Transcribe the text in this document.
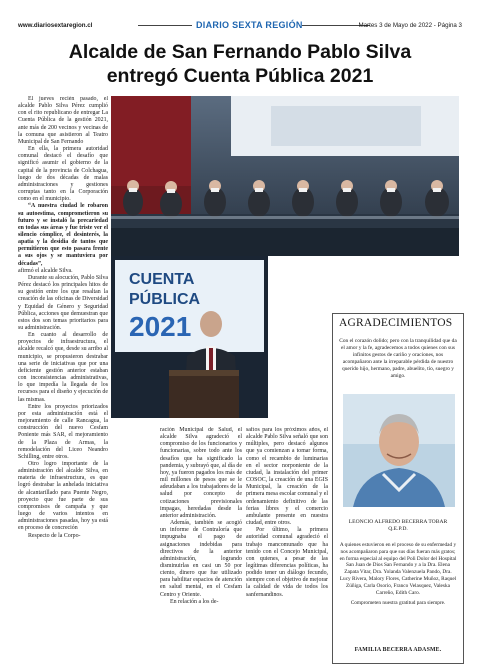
www.diariosextaregion.cl	DIARIO SEXTA REGIÓN	Martes 3 de Mayo de 2022 - Página 3
Alcalde de San Fernando Pablo Silva
entregó Cuenta Pública 2021

El jueves recién pasado, el alcalde Pablo Silva Pérez cumplió con el rito republicano de entregar La Cuenta Pública de la gestión 2021, ante más de 200 vecinos y vecinas de la comuna que asistieron al Teatro Municipal de San Fernando

En ella, la primera autoridad comunal destacó el desafío que significó asumir el gobierno de la capital de la provincia de Colchagua, luego de dos décadas de malas administraciones y gestiones corruptas tanto en la Corporación como en el municipio.

“A nuestra ciudad le robaron su autoestima, comprometieron su futuro y se instaló la precariedad en todas sus áreas y fue triste ver el silencio cómplice, el desinterés, la apatía y la desidia de tantos que permitieron que esto pasara frente a sus ojos y se mantuviera por décadas”,

afirmó el alcalde Silva.

Durante su alocución, Pablo Silva Pérez destacó los principales hitos de su gestión entre los que resaltan la creación de las oficinas de Diversidad y Equidad de Género y Seguridad Pública, acciones que demuestran que estos dos son temas prioritarios para su administración.

En cuanto al desarrollo de proyectos de infraestructura, el alcalde recalcó que, desde su arribo al municipio, se propusieron destrabar una serie de iniciativas que por una deficiente gestión anterior estaban con inconsistencias administrativas, lo que impedía la llegada de los recursos para el diseño y ejecución de las mismas.

Entre los proyectos priorizados por esta administración está el mejoramiento de calle Rancagua, la construcción del nuevo Cesfam Poniente más SAR, el mejoramiento de la Plaza de Armas, la remodelación del Liceo Neandro Schilling, entre otros.

Otro logro importante de la administración del alcalde Silva, en materia de infraestructura, es que logró destrabar la anhelada iniciativa de alcantarillado para Puente Negro, proyecto que fue parte de sus compromisos de campaña y que luego de varios intentos en administraciones pasadas, hoy ya está en proceso de concreción

Respecto de la Corpo-

CUENTA
PÚBLICA
2021

ración Municipal de Salud, el alcalde Silva agradeció el compromiso de los funcionarios y funcionarias, sobre todo ante los desafíos que ha significado la pandemia, y subrayó que, al día de hoy, ya fueron pagados los más de mil millones de pesos que se le adeudaban a los trabajadores de la salud por concepto de cotizaciones previsionales impagas, heredadas desde la anterior administración.

Además, también se acogió un informe de Contraloría que impugnaba el pago de asignaciones indebidas para directivos de la anterior administración, logrando disminuirlas en casi un 50 por ciento, dinero que fue utilizado para habilitar espacios de atención en salud mental, en el Cesfam Centro y Oriente.

En relación a los de-

safíos para los próximos años, el alcalde Pablo Silva señaló que son múltiples, pero destacó algunos que ya comienzan a tomar forma, como el recambio de luminarias en el sector norponiente de la ciudad, la instalación del primer COSOC, la creación de una EGIS Municipal, la creación de la primera mesa escolar comunal y el ordenamiento definitivo de las ferias libres y el comercio ambulante presente en nuestra ciudad, entre otros.

Por último, la primera autoridad comunal agradeció el trabajo mancomunado que ha tenido con el Concejo Municipal, con quienes, a pesar de las legítimas diferencias políticas, ha podido tener un diálogo fecundo, siempre con el objetivo de mejorar la calidad de vida de todos los sanfernandinos.

AGRADECIMIENTOS
Con el corazón dolido; pero con la tranquilidad que da el amor y la fe, agradecemos a todos quienes con sus infinitos gestos de cariño y oraciones, nos acompañaron ante la irreparable pérdida de nuestro querido hijo, hermano, padre, abuelito, tío, suegro y amigo.
LEONCIO ALFREDO BECERRA TOBAR
Q.E.P.D.

A quienes estuvieron en el proceso de su enfermedad y nos acompañaron para que sus días fueran más gratos; en forma especial al equipo del Poli Dolor del Hospital San Juan de Dios San Fernando y a la Dra. Elena Zapata Vitar, Dra. Yolanda Valenzuela Pando, Dra. Lucy Rivera, Malory Flores, Catherine Muñoz, Raquel Zúñiga, Carla Osorio, Franco Velasquez, Valeska Carreño, Edith Caro.

Comprometen nuestra gratitud para siempre.

FAMILIA BECERRA ADASME.
